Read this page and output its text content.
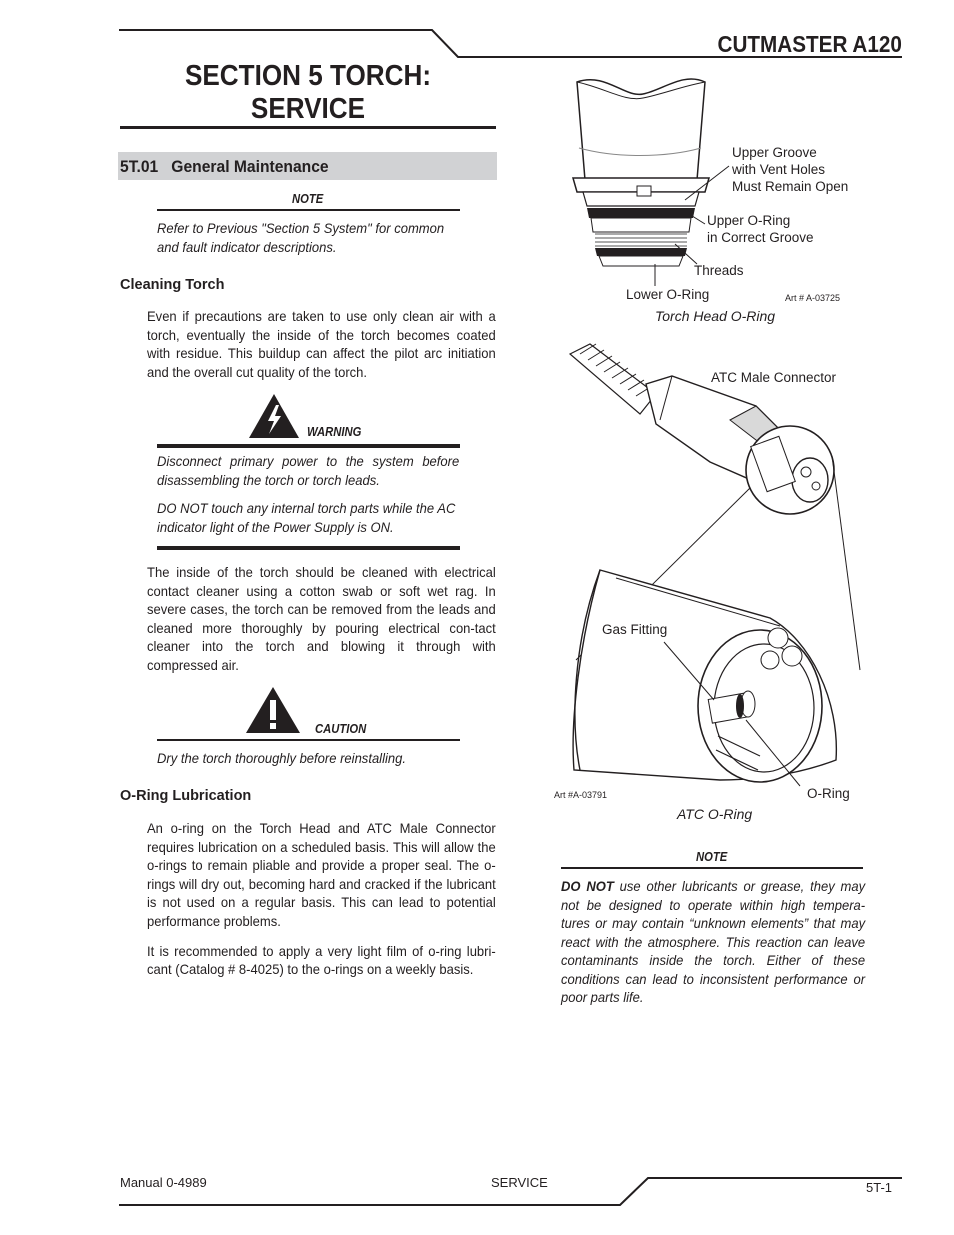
CUTMASTER A120
SECTION 5 TORCH:
SERVICE
5T.01   General Maintenance
NOTE
Refer to Previous "Section 5 System" for common and fault indicator descriptions.
Cleaning Torch
Even if precautions are taken to use only clean air with a torch, eventually the inside of the torch becomes coated with residue. This buildup can affect the pilot arc initiation and the overall cut quality of the torch.
WARNING
Disconnect primary power to the system before disassembling the torch or torch leads.
DO NOT touch any internal torch parts while the AC indicator light of the Power Supply is ON.
The inside of the torch should be cleaned with electrical contact cleaner using a cotton swab or soft wet rag. In severe cases, the torch can be removed from the leads and cleaned more thoroughly by pouring electrical con-tact cleaner into the torch and blowing it through with compressed air.
CAUTION
Dry the torch thoroughly before reinstalling.
O-Ring Lubrication

An o-ring on the Torch Head and ATC Male Connector requires lubrication on a scheduled basis. This will allow the o-rings to remain pliable and provide a proper seal. The o-rings will dry out, becoming hard and cracked if the lubricant is not used on a regular basis. This can lead to potential performance problems.

It is recommended to apply a very light film of o-ring lubri-cant (Catalog # 8-4025) to the o-rings on a weekly basis.

Upper Groove
with Vent Holes
Must Remain Open
Upper O-Ring
in Correct Groove
Threads
Lower O-Ring	Art # A-03725
Torch Head O-Ring
ATC Male Connector
Gas Fitting
O-Ring
Art #A-03791
ATC O-Ring
NOTE
DO NOT use other lubricants or grease, they may not be designed to operate within high tempera-tures or may contain “unknown elements” that may react with the atmosphere. This reaction can leave contaminants inside the torch. Either of these conditions can lead to inconsistent performance or poor parts life.
Manual 0-4989	SERVICE	5T-1
